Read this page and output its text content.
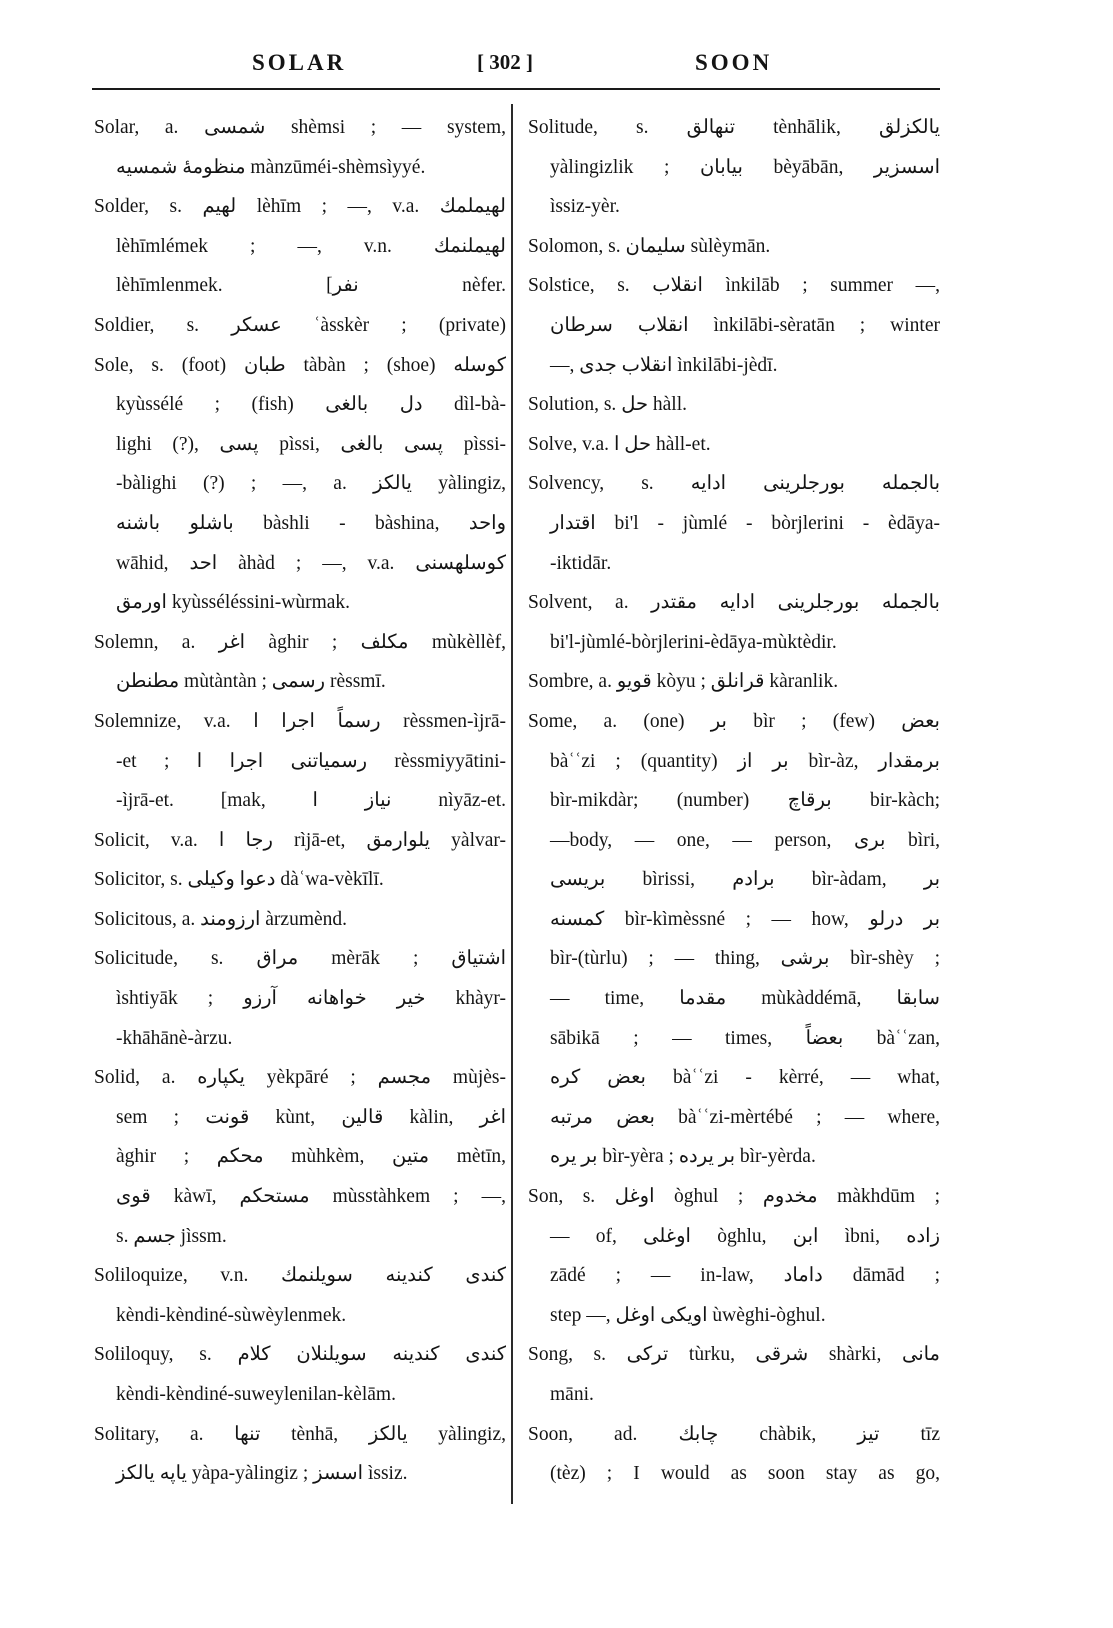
SOLAR	[ 302 ]	SOON
Solar, a. شمسی shèmsi ; — system,
منظومۀ شمسیه mànzūméi-shèmsìyyé.
Solder, s. لهیم lèhīm ; —, v.a. لهیملمك
lèhīmlémek ; —, v.n. لهیملنمك
lèhīmlenmek. [نفر nèfer.
Soldier, s. عسكر ʿàsskèr ; (private)
Sole, s. (foot) طبان tàbàn ; (shoe) كوسله
kyùssélé ; (fish) دل بالغی dìl-bà-
lighi (?), پسی pìssi, پسی بالغی pìssi-
-bàlighi (?) ; —, a. یالكز yàlingiz,
باشلو باشنه bàshli - bàshina, واحد
wāhid, احد àhàd ; —, v.a. كوسلهسنی
اورمق kyùsséléssini-wùrmak.
Solemn, a. اغر àghir ; مكلف mùkèllèf,
مطنطن mùtàntàn ; رسمی rèssmī.
Solemnize, v.a. رسماً اجرا ا rèssmen-ìjrā-
-et ; رسمیاتنی اجرا ا rèssmiyyātini-
-ìjrā-et. [mak, نیاز ا nìyāz-et.
Solicit, v.a. رجا ا rìjā-et, یلوارمق yàlvar-
Solicitor, s. دعوا وكیلی dàʿwa-vèkīlī.
Solicitous, a. ارزومند àrzumènd.
Solicitude, s. مراق mèrāk ; اشتیاق
ìshtiyāk ; خیر خواهانه آرزو khàyr-
-khāhānè-àrzu.
Solid, a. یكپاره yèkpāré ; مجسم mùjès-
sem ; قونت kùnt, قالین kàlin, اغر
àghir ; محكم mùhkèm, متین mètīn,
قوی kàwī, مستحكم mùsstàhkem ; —,
s. جسم jìssm.
Soliloquize, v.n. كندی كندینه سویلنمك
kèndi-kèndiné-sùwèylenmek.
Soliloquy, s. كندی كندینه سویلنلان كلام
kèndi-kèndiné-suweylenilan-kèlām.
Solitary, a. تنها tènhā, یالكز yàlingiz,
یاپه یالكز yàpa-yàlingiz ; اسسز ìssiz.
Solitude, s. تنهالق tènhālik, یالكزلق
yàlingizlik ; بیابان bèyābān, اسسزیر
ìssiz-yèr.
Solomon, s. سلیمان sùlèymān.
Solstice, s. انقلاب ìnkilāb ; summer —,
انقلاب سرطان ìnkilābi-sèratān ; winter
—, انقلاب جدی ìnkilābi-jèdī.
Solution, s. حل hàll.
Solve, v.a. حل ا hàll-et.
Solvency, s. بالجمله بورجلرینی ادایه
اقتدار bi'l - jùmlé - bòrjlerini - èdāya-
-iktidār.
Solvent, a. بالجمله بورجلرینی ادایه مقتدر
bi'l-jùmlé-bòrjlerini-èdāya-mùktèdir.
Sombre, a. قویو kòyu ; قرانلق kàranlik.
Some, a. (one) بر bìr ; (few) بعض
bàʿʿzi ; (quantity) بر از bìr-àz, برمقدار
bìr-mikdàr; (number) برقاچ bir-kàch;
—body, — one, — person, بری bìri,
بریسی bìrissi, برادم bìr-àdam, بر
كمسنه bìr-kìmèssné ; — how, بر درلو
bìr-(tùrlu) ; — thing, برشی bìr-shèy ;
— time, مقدما mùkàddémā, سابقا
sābikā ; — times, بعضاً bàʿʿzan,
بعض كره bàʿʿzi - kèrré, — what,
بعض مرتبه bàʿʿzi-mèrtébé ; — where,
بر یره bìr-yèra ; بر یرده bìr-yèrda.
Son, s. اوغل òghul ; مخدوم màkhdūm ;
— of, اوغلی òghlu, ابن ìbni, زاده
zādé ; — in-law, داماد dāmād ;
step —, اویكی اوغل ùwèghi-òghul.
Song, s. تركی tùrku, شرقی shàrki, مانی
māni.
Soon, ad. چابك chàbik, تیز tīz
(tèz) ; I would as soon stay as go,
